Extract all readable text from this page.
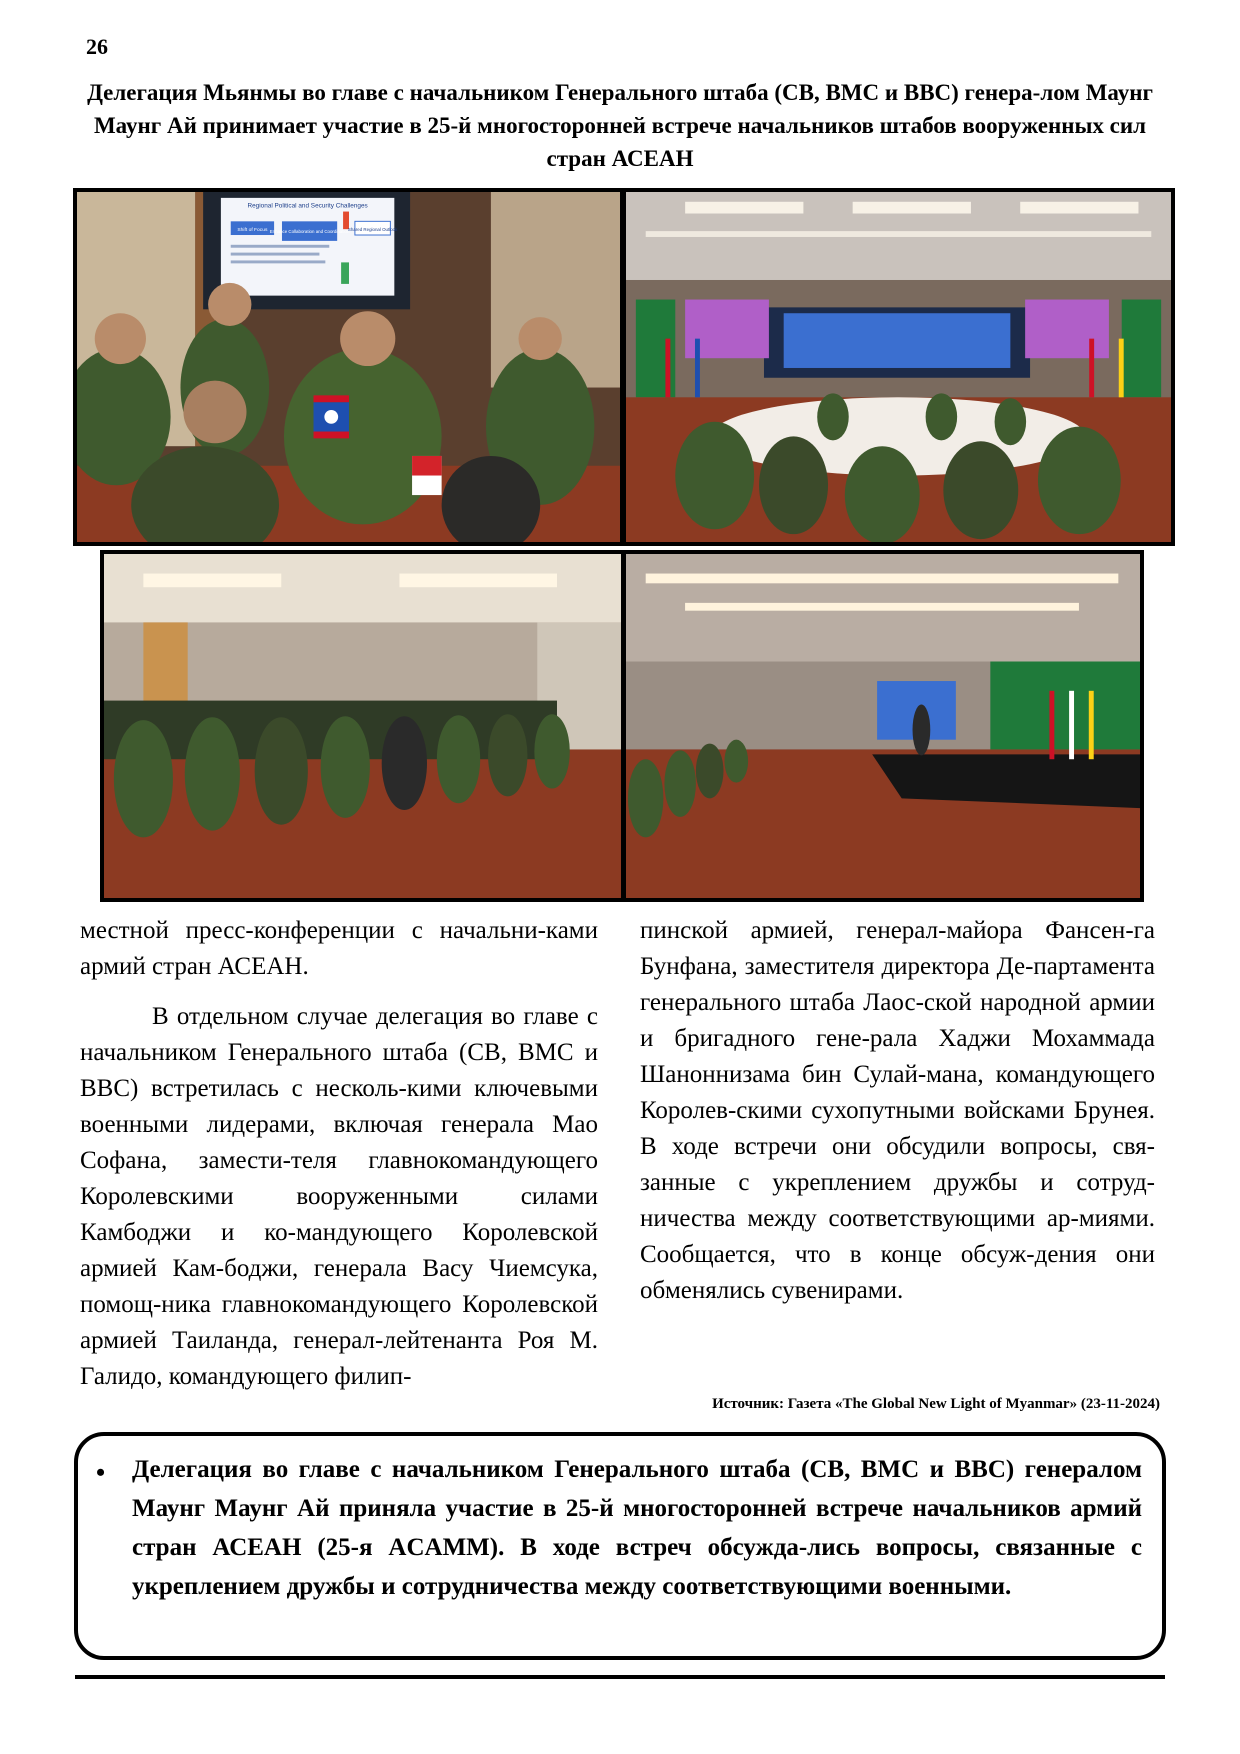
26
Делегация Мьянмы во главе с начальником Генерального штаба (СВ, ВМС и ВВС) генера-лом Маунг Маунг Ай принимает участие в 25-й многосторонней встрече начальников штабов вооруженных сил стран АСЕАН
Regional Political and Security Challenges
Shift of Focus Enhance Collaboration and Coordination
Shared Regional Outlook

местной пресс-конференции с начальни-ками армий стран АСЕАН.

В отдельном случае делегация во главе с начальником Генерального штаба (СВ, ВМС и ВВС) встретилась с несколь-кими ключевыми военными лидерами, включая генерала Мао Софана, замести-теля главнокомандующего Королевскими вооруженными силами Камбоджи и ко-мандующего Королевской армией Кам-боджи, генерала Васу Чиемсука, помощ-ника главнокомандующего Королевской армией Таиланда, генерал-лейтенанта Роя М. Галидо, командующего филип-

пинской армией, генерал-майора Фансен-га Бунфана, заместителя директора Де-партамента генерального штаба Лаос-ской народной армии и бригадного гене-рала Хаджи Мохаммада Шаноннизама бин Сулай-мана, командующего Королев-скими сухопутными войсками Брунея. В ходе встречи они обсудили вопросы, свя-занные с укреплением дружбы и сотруд-ничества между соответствующими ар-миями. Сообщается, что в конце обсуж-дения они обменялись сувенирами.

Источник: Газета «The Global New Light of Myanmar» (23-11-2024)
• Делегация во главе с начальником Генерального штаба (СВ, ВМС и ВВС) генералом Маунг Маунг Ай приняла участие в 25-й многосторонней встрече начальников армий стран АСЕАН (25-я ACAMM). В ходе встреч обсужда-лись вопросы, связанные с укреплением дружбы и сотрудничества между соответствующими военными.
